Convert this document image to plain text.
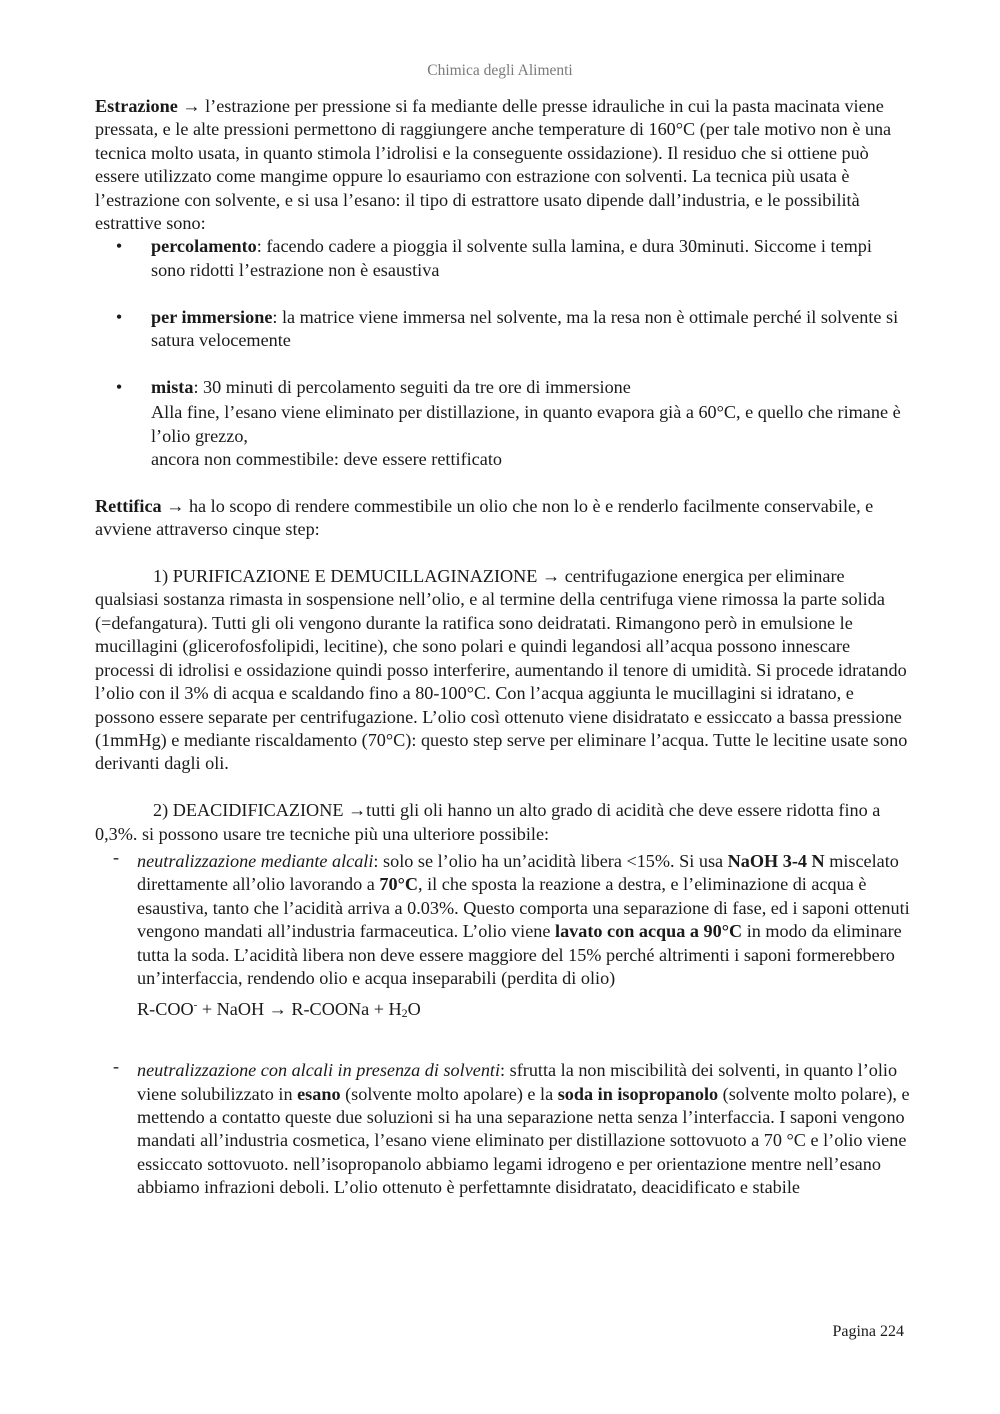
Chimica degli Alimenti

Estrazione → l’estrazione per pressione si fa mediante delle presse idrauliche in cui la pasta macinata viene pressata, e le alte pressioni permettono di raggiungere anche temperature di 160°C (per tale motivo non è una tecnica molto usata, in quanto stimola l’idrolisi e la conseguente ossidazione). Il residuo che si ottiene può essere utilizzato come mangime oppure lo esauriamo con estrazione con solventi. La tecnica più usata è l’estrazione con solvente, e si usa l’esano: il tipo di estrattore usato dipende dall’industria, e le possibilità estrattive sono:

• percolamento: facendo cadere a pioggia il solvente sulla lamina, e dura 30minuti. Siccome i tempi sono ridotti l’estrazione non è esaustiva
• per immersione: la matrice viene immersa nel solvente, ma la resa non è ottimale perché il solvente si satura velocemente
• mista: 30 minuti di percolamento seguiti da tre ore di immersione
Alla fine, l’esano viene eliminato per distillazione, in quanto evapora già a 60°C, e quello che rimane è l’olio grezzo,
ancora non commestibile: deve essere rettificato

Rettifica → ha lo scopo di rendere commestibile un olio che non lo è e renderlo facilmente conservabile, e avviene attraverso cinque step:

1) PURIFICAZIONE E DEMUCILLAGINAZIONE → centrifugazione energica per eliminare qualsiasi sostanza rimasta in sospensione nell’olio, e al termine della centrifuga viene rimossa la parte solida (=defangatura). Tutti gli oli vengono durante la ratifica sono deidratati. Rimangono però in emulsione le mucillagini (glicerofosfolipidi, lecitine), che sono polari e quindi legandosi all’acqua possono innescare processi di idrolisi e ossidazione quindi posso interferire, aumentando il tenore di umidità. Si procede idratando l’olio con il 3% di acqua e scaldando fino a 80-100°C. Con l’acqua aggiunta le mucillagini si idratano, e possono essere separate per centrifugazione. L’olio così ottenuto viene disidratato e essiccato a bassa pressione (1mmHg) e mediante riscaldamento (70°C): questo step serve per eliminare l’acqua. Tutte le lecitine usate sono derivanti dagli oli.

2) DEACIDIFICAZIONE →tutti gli oli hanno un alto grado di acidità che deve essere ridotta fino a 0,3%. si possono usare tre tecniche più una ulteriore possibile:

- neutralizzazione mediante alcali: solo se l’olio ha un’acidità libera <15%. Si usa NaOH 3-4 N miscelato direttamente all’olio lavorando a 70°C, il che sposta la reazione a destra, e l’eliminazione di acqua è esaustiva, tanto che l’acidità arriva a 0.03%. Questo comporta una separazione di fase, ed i saponi ottenuti vengono mandati all’industria farmaceutica. L’olio viene lavato con acqua a 90°C in modo da eliminare tutta la soda. L’acidità libera non deve essere maggiore del 15% perché altrimenti i saponi formerebbero un’interfaccia, rendendo olio e acqua inseparabili (perdita di olio)
R-COO- + NaOH → R-COONa + H2O
- neutralizzazione con alcali in presenza di solventi: sfrutta la non miscibilità dei solventi, in quanto l’olio viene solubilizzato in esano (solvente molto apolare) e la soda in isopropanolo (solvente molto polare), e mettendo a contatto queste due soluzioni si ha una separazione netta senza l’interfaccia. I saponi vengono mandati all’industria cosmetica, l’esano viene eliminato per distillazione sottovuoto a 70 °C e l’olio viene essiccato sottovuoto. nell’isopropanolo abbiamo legami idrogeno e per orientazione mentre nell’esano abbiamo infrazioni deboli. L’olio ottenuto è perfettamnte disidratato, deacidificato e stabile
Pagina 224
